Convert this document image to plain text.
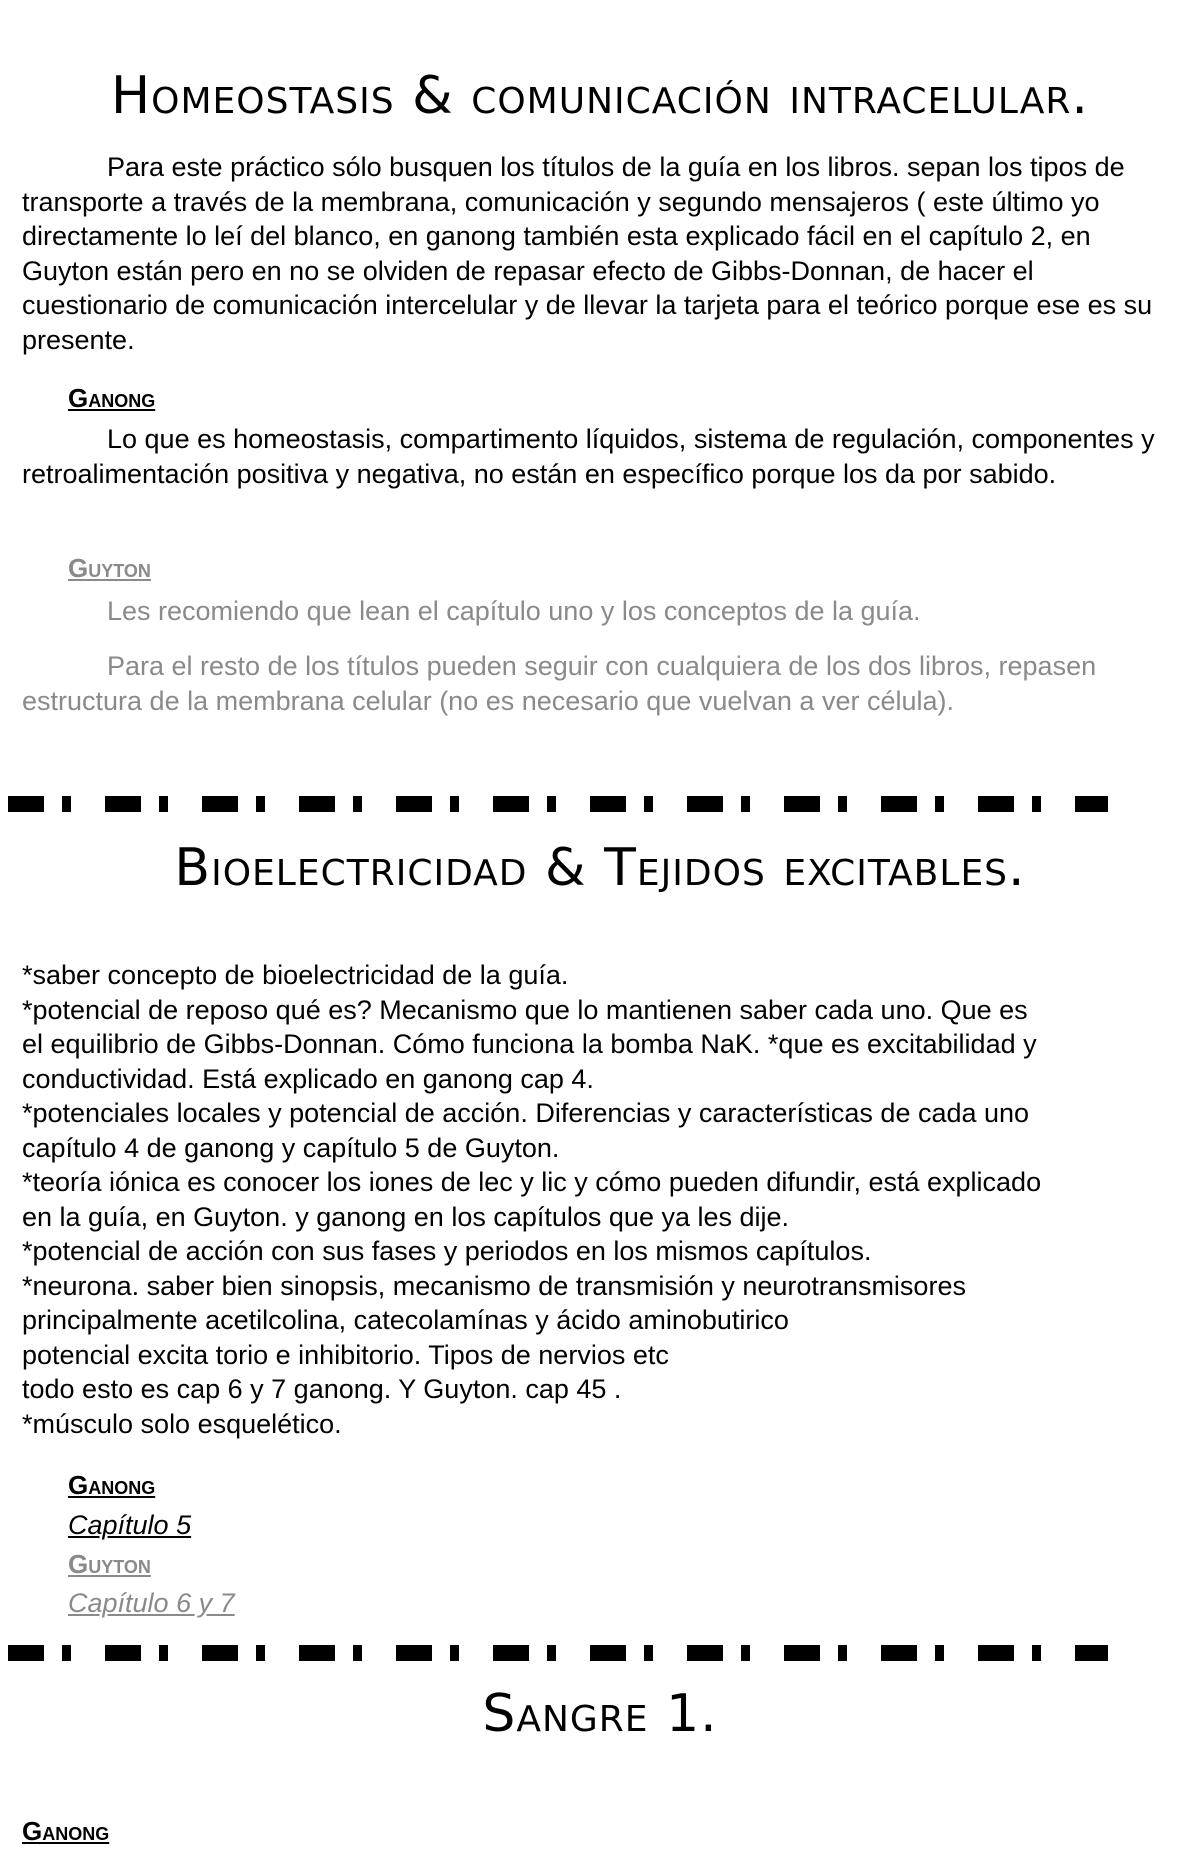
Homeostasis & comunicación intracelular.

Para este práctico sólo busquen los títulos de la guía en los libros. sepan los tipos de transporte a través de la membrana, comunicación y segundo mensajeros ( este último yo directamente lo leí del blanco, en ganong también esta explicado fácil en el capítulo 2, en Guyton están pero en no se olviden de repasar efecto de Gibbs-Donnan, de hacer el cuestionario de comunicación intercelular y de llevar la tarjeta para el teórico porque ese es su presente.

Ganong

Lo que es homeostasis, compartimento líquidos, sistema de regulación, componentes y retroalimentación positiva y negativa, no están en específico porque los da por sabido.

Guyton

Les recomiendo que lean el capítulo uno y los conceptos de la guía.

Para el resto de los títulos pueden seguir con cualquiera de los dos libros, repasen estructura de la membrana celular (no es necesario que vuelvan a ver célula).

Bioelectricidad & Tejidos excitables.
*saber concepto de bioelectricidad de la guía.
*potencial de reposo qué es? Mecanismo que lo mantienen saber cada uno. Que es
el equilibrio de Gibbs-Donnan. Cómo funciona la bomba NaK. *que es excitabilidad y
conductividad. Está explicado en ganong cap 4.
*potenciales locales y potencial de acción. Diferencias y características de cada uno
capítulo 4 de ganong y capítulo 5 de Guyton.
*teoría iónica es conocer los iones de lec y lic y cómo pueden difundir, está explicado
en la guía, en Guyton. y ganong en los capítulos que ya les dije.
*potencial de acción con sus fases y periodos en los mismos capítulos.
*neurona. saber bien sinopsis, mecanismo de transmisión y neurotransmisores
principalmente acetilcolina, catecolamínas y ácido aminobutirico
potencial excita torio e inhibitorio. Tipos de nervios etc
todo esto es cap 6 y 7 ganong. Y Guyton. cap 45 .
*músculo solo esquelético.
Ganong
Capítulo 5
Guyton
Capítulo 6 y 7
Sangre 1.
Ganong
